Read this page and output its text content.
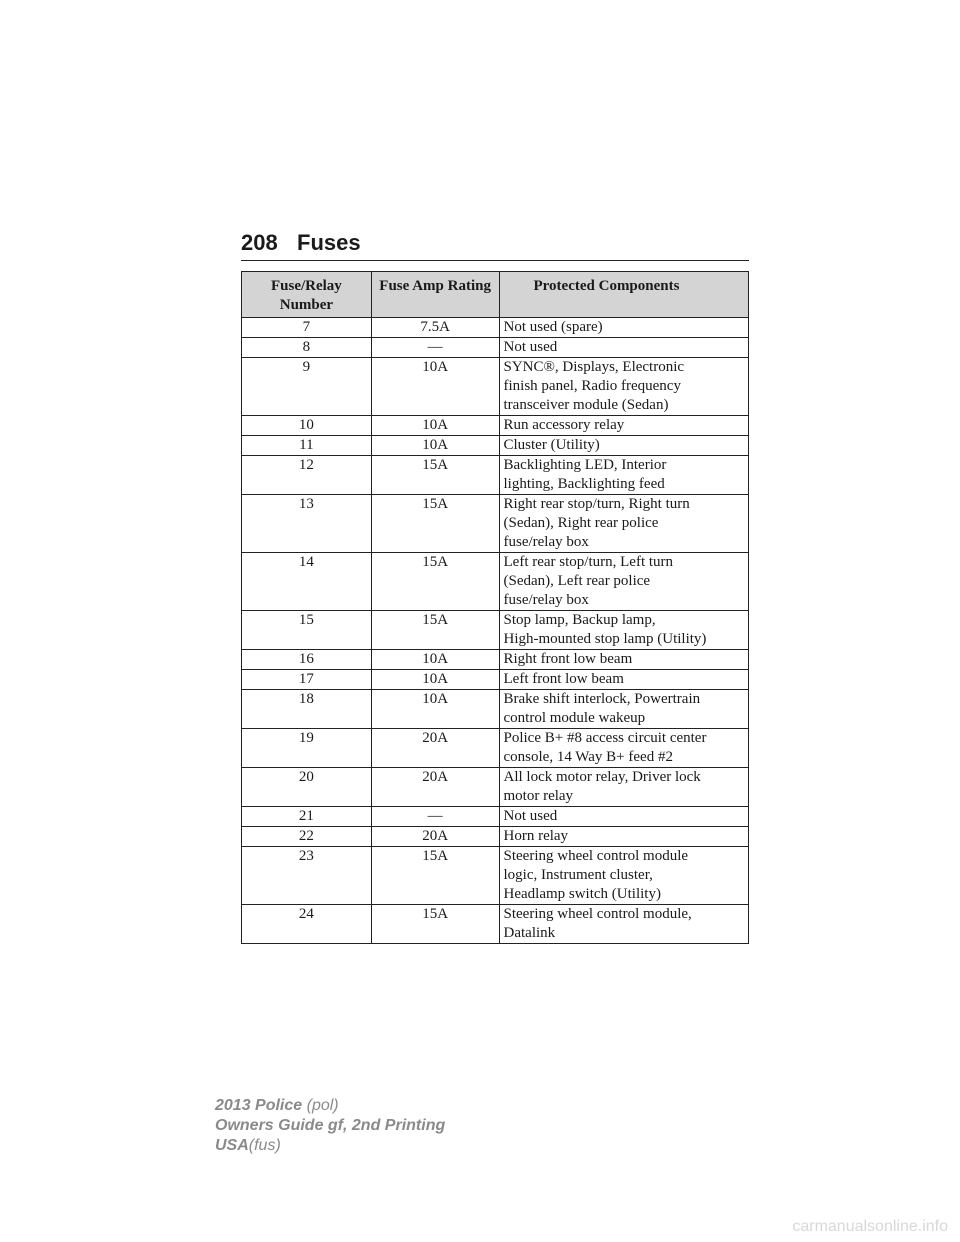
208 Fuses
Fuse/Relay Number	Fuse Amp Rating	Protected Components
7	7.5A	Not used (spare)

8	—	Not used

9	10A	SYNC®, Displays, Electronic
finish panel, Radio frequency
transceiver module (Sedan)

10	10A	Run accessory relay

11	10A	Cluster (Utility)

12	15A	Backlighting LED, Interior
lighting, Backlighting feed

13	15A	Right rear stop/turn, Right turn
(Sedan), Right rear police
fuse/relay box

14	15A	Left rear stop/turn, Left turn
(Sedan), Left rear police
fuse/relay box

15	15A	Stop lamp, Backup lamp,
High-mounted stop lamp (Utility)

16	10A	Right front low beam

17	10A	Left front low beam

18	10A	Brake shift interlock, Powertrain
control module wakeup

19	20A	Police B+ #8 access circuit center
console, 14 Way B+ feed #2

20	20A	All lock motor relay, Driver lock
motor relay

21	—	Not used

22	20A	Horn relay

23	15A	Steering wheel control module
logic, Instrument cluster,
Headlamp switch (Utility)

24	15A	Steering wheel control module,
Datalink
2013 Police (pol)
Owners Guide gf, 2nd Printing
USA(fus)
carmanualsonline.info
